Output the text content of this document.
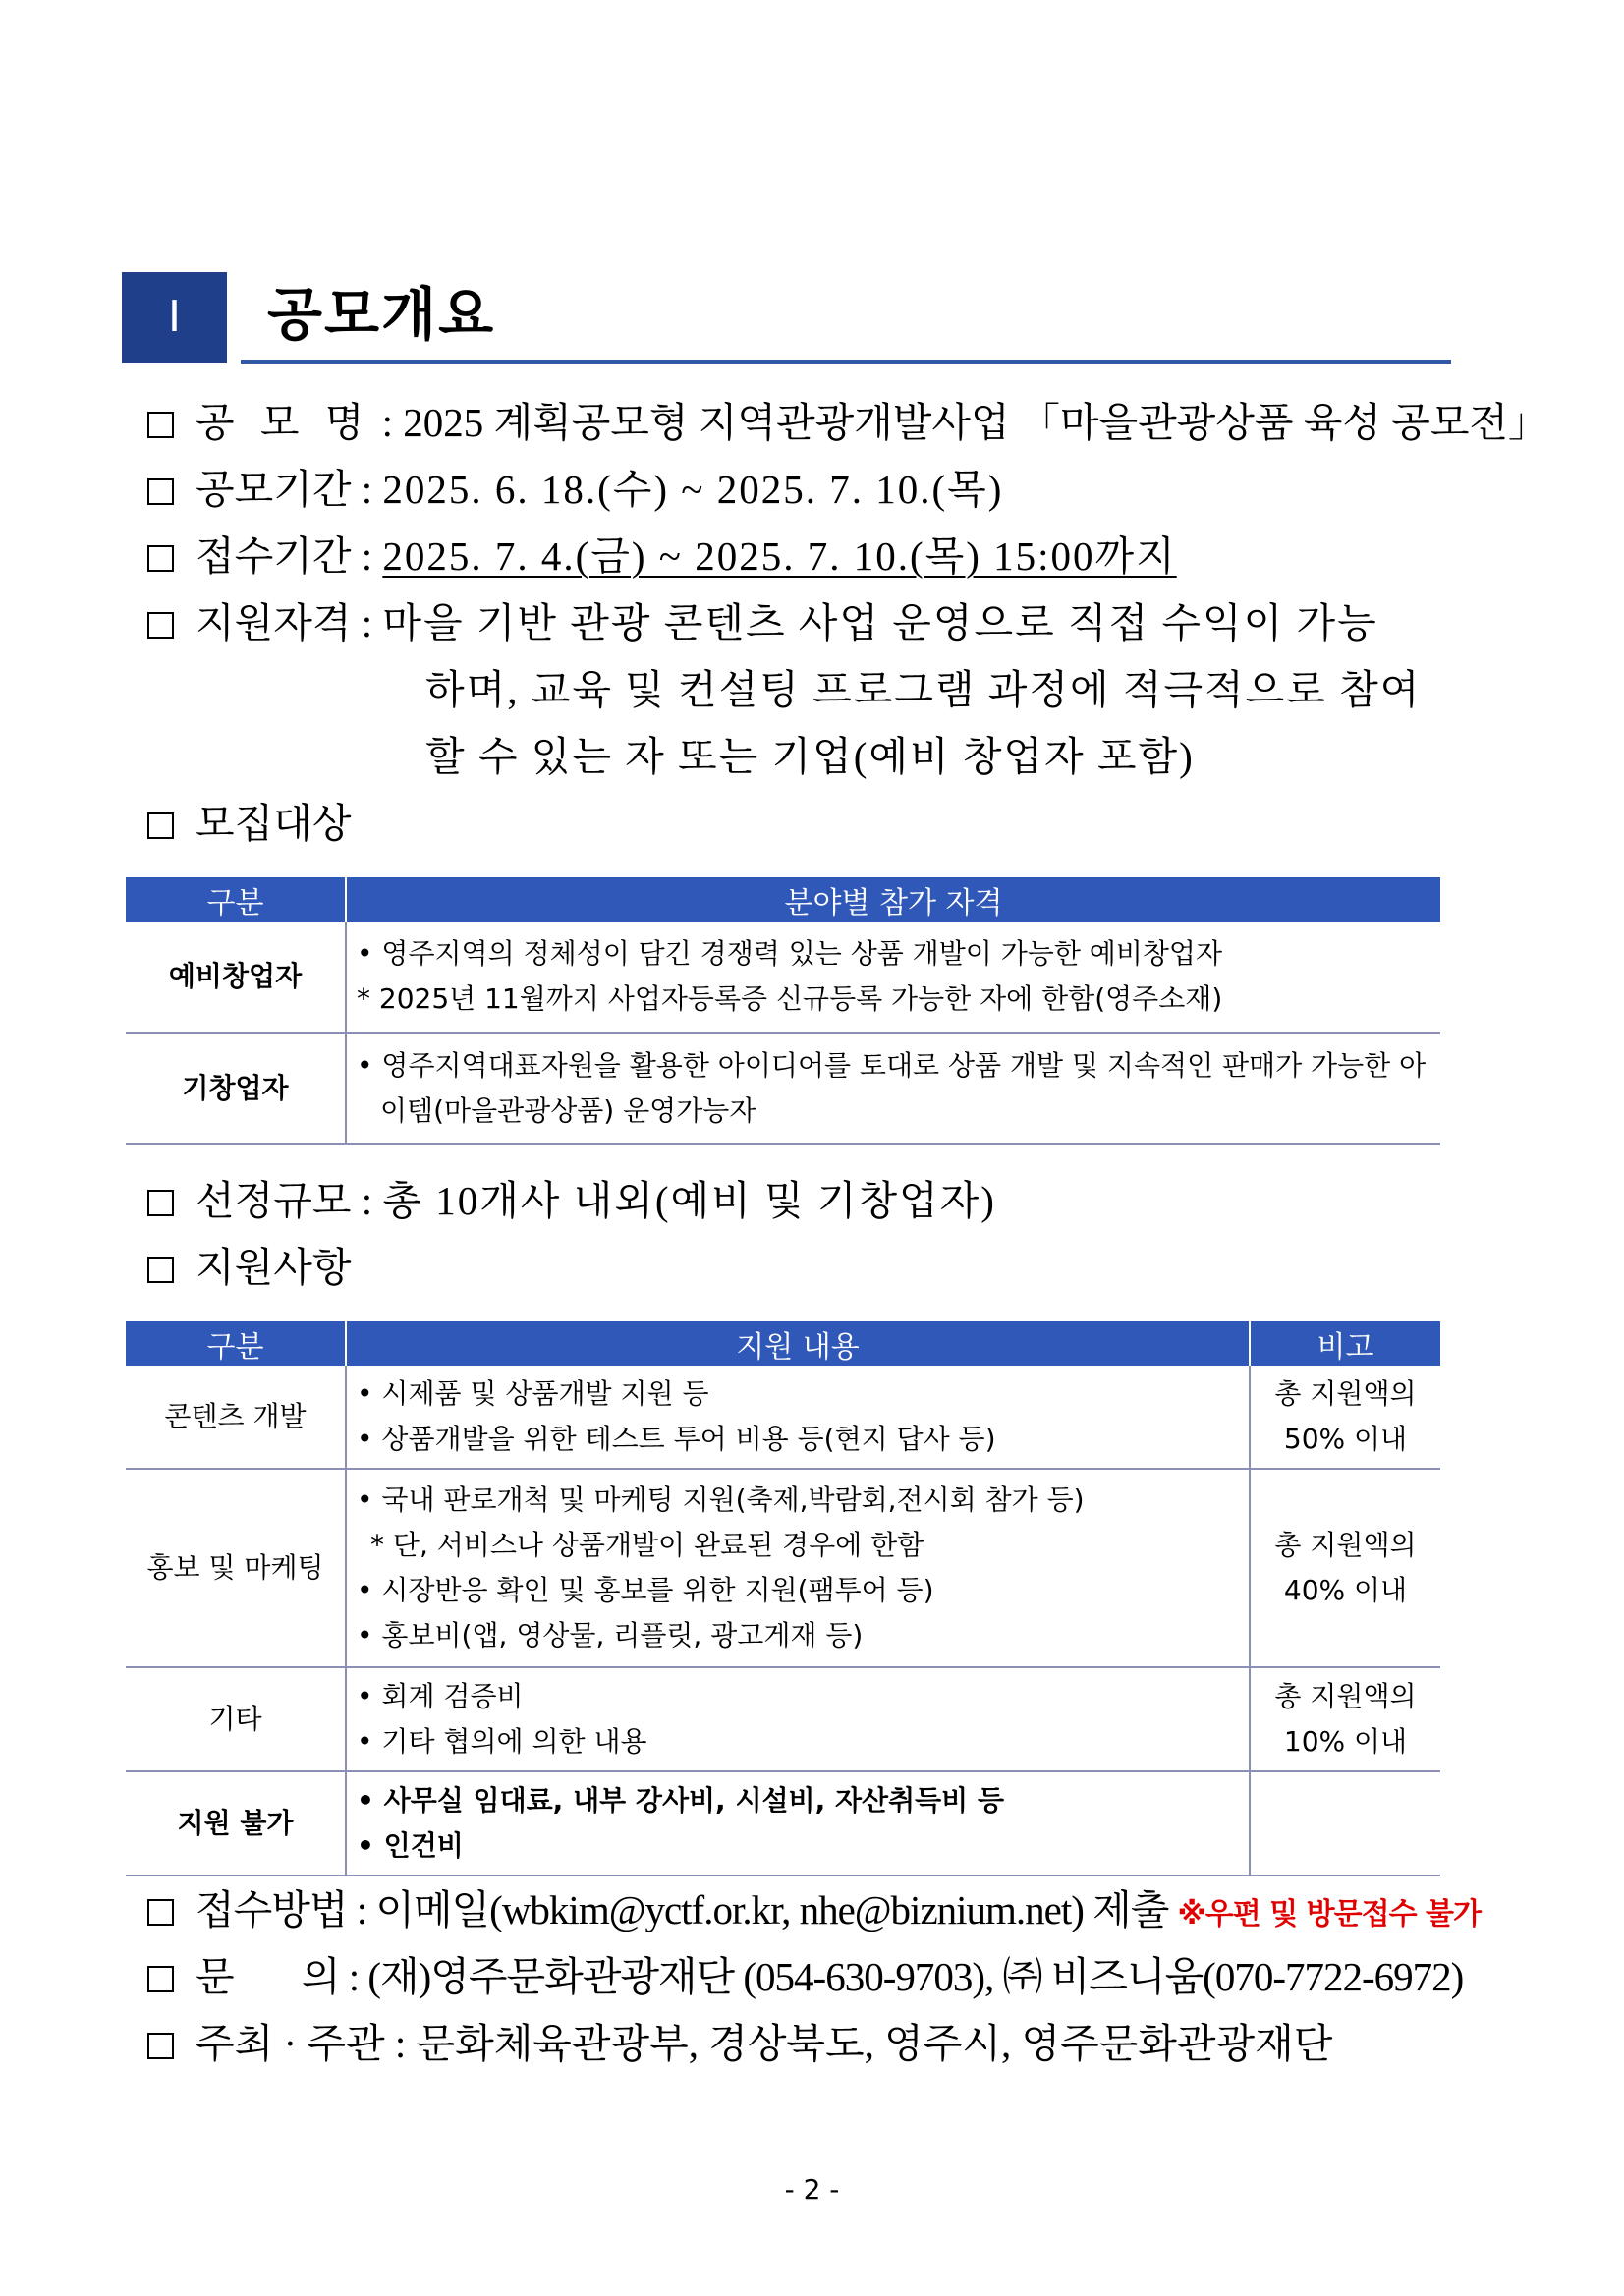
Ⅰ	공모개요
공 모 명 : 2025 계획공모형 지역관광개발사업 「마을관광상품 육성 공모전」
공모기간 : 2025. 6. 18.(수) ~ 2025. 7. 10.(목)
접수기간 : 2025. 7. 4.(금) ~ 2025. 7. 10.(목) 15:00까지
지원자격 : 마을 기반 관광 콘텐츠 사업 운영으로 직접 수익이 가능
하며, 교육 및 컨설팅 프로그램 과정에 적극적으로 참여
할 수 있는 자 또는 기업(예비 창업자 포함)
모집대상
구분	분야별 참가 자격
예비창업자	• 영주지역의 정체성이 담긴 경쟁력 있는 상품 개발이 가능한 예비창업자
* 2025년 11월까지 사업자등록증 신규등록 가능한 자에 한함(영주소재)

기창업자	• 영주지역대표자원을 활용한 아이디어를 토대로 상품 개발 및 지속적인 판매가 가능한 아
이템(마을관광상품) 운영가능자
선정규모 : 총 10개사 내외(예비 및 기창업자)
지원사항
구분	지원 내용	비고
콘텐츠 개발	• 시제품 및 상품개발 지원 등
• 상품개발을 위한 테스트 투어 비용 등(현지 답사 등)	총 지원액의
50% 이내

홍보 및 마케팅	• 국내 판로개척 및 마케팅 지원(축제,박람회,전시회 참가 등)
* 단, 서비스나 상품개발이 완료된 경우에 한함
• 시장반응 확인 및 홍보를 위한 지원(팸투어 등)
• 홍보비(앱, 영상물, 리플릿, 광고게재 등)	총 지원액의
40% 이내

기타	• 회계 검증비
• 기타 협의에 의한 내용	총 지원액의
10% 이내

지원 불가	• 사무실 임대료, 내부 강사비, 시설비, 자산취득비 등
• 인건비	

접수방법 : 이메일(wbkim@yctf.or.kr, nhe@biznium.net) 제출 ※우편 및 방문접수 불가
문 의 : (재)영주문화관광재단 (054-630-9703), ㈜ 비즈니움(070-7722-6972)
주최 · 주관 : 문화체육관광부, 경상북도, 영주시, 영주문화관광재단
- 2 -
